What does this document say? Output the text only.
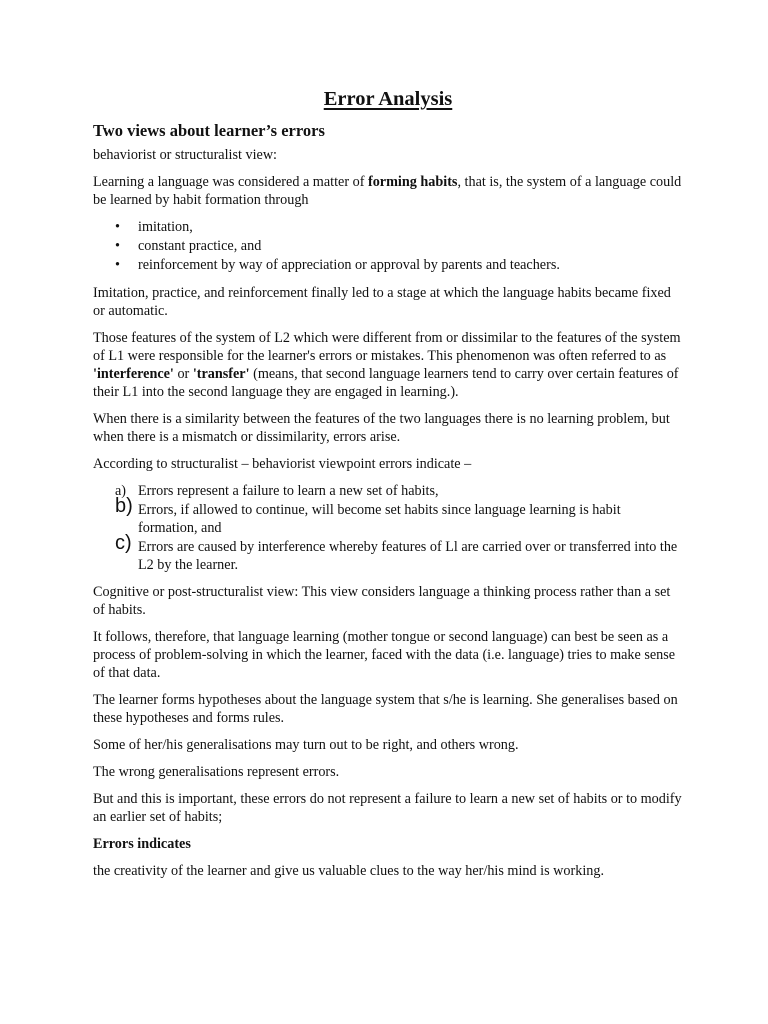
Error Analysis
Two views about learner’s errors

behaviorist or structuralist view:

Learning a language was considered a matter of forming habits, that is, the system of a language could be learned by habit formation through

• imitation,
• constant practice, and
• reinforcement by way of appreciation or approval by parents and teachers.

Imitation, practice, and reinforcement finally led to a stage at which the language habits became fixed or automatic.

Those features of the system of L2 which were different from or dissimilar to the features of the system of L1 were responsible for the learner's errors or mistakes. This phenomenon was often referred to as 'interference' or 'transfer' (means, that second language learners tend to carry over certain features of their L1 into the second language they are engaged in learning.).

When there is a similarity between the features of the two languages there is no learning problem, but when there is a mismatch or dissimilarity, errors arise.

According to structuralist – behaviorist viewpoint errors indicate –

a) Errors represent a failure to learn a new set of habits,
b) Errors, if allowed to continue, will become set habits since language learning is habit formation, and
c) Errors are caused by interference whereby features of Ll are carried over or transferred into the L2 by the learner.

Cognitive or post-structuralist view: This view considers language a thinking process rather than a set of habits.

It follows, therefore, that language learning (mother tongue or second language) can best be seen as a process of problem-solving in which the learner, faced with the data (i.e. language) tries to make sense of that data.

The learner forms hypotheses about the language system that s/he is learning. She generalises based on these hypotheses and forms rules.

Some of her/his generalisations may turn out to be right, and others wrong.

The wrong generalisations represent errors.

But and this is important, these errors do not represent a failure to learn a new set of habits or to modify an earlier set of habits;

Errors indicates

the creativity of the learner and give us valuable clues to the way her/his mind is working.
